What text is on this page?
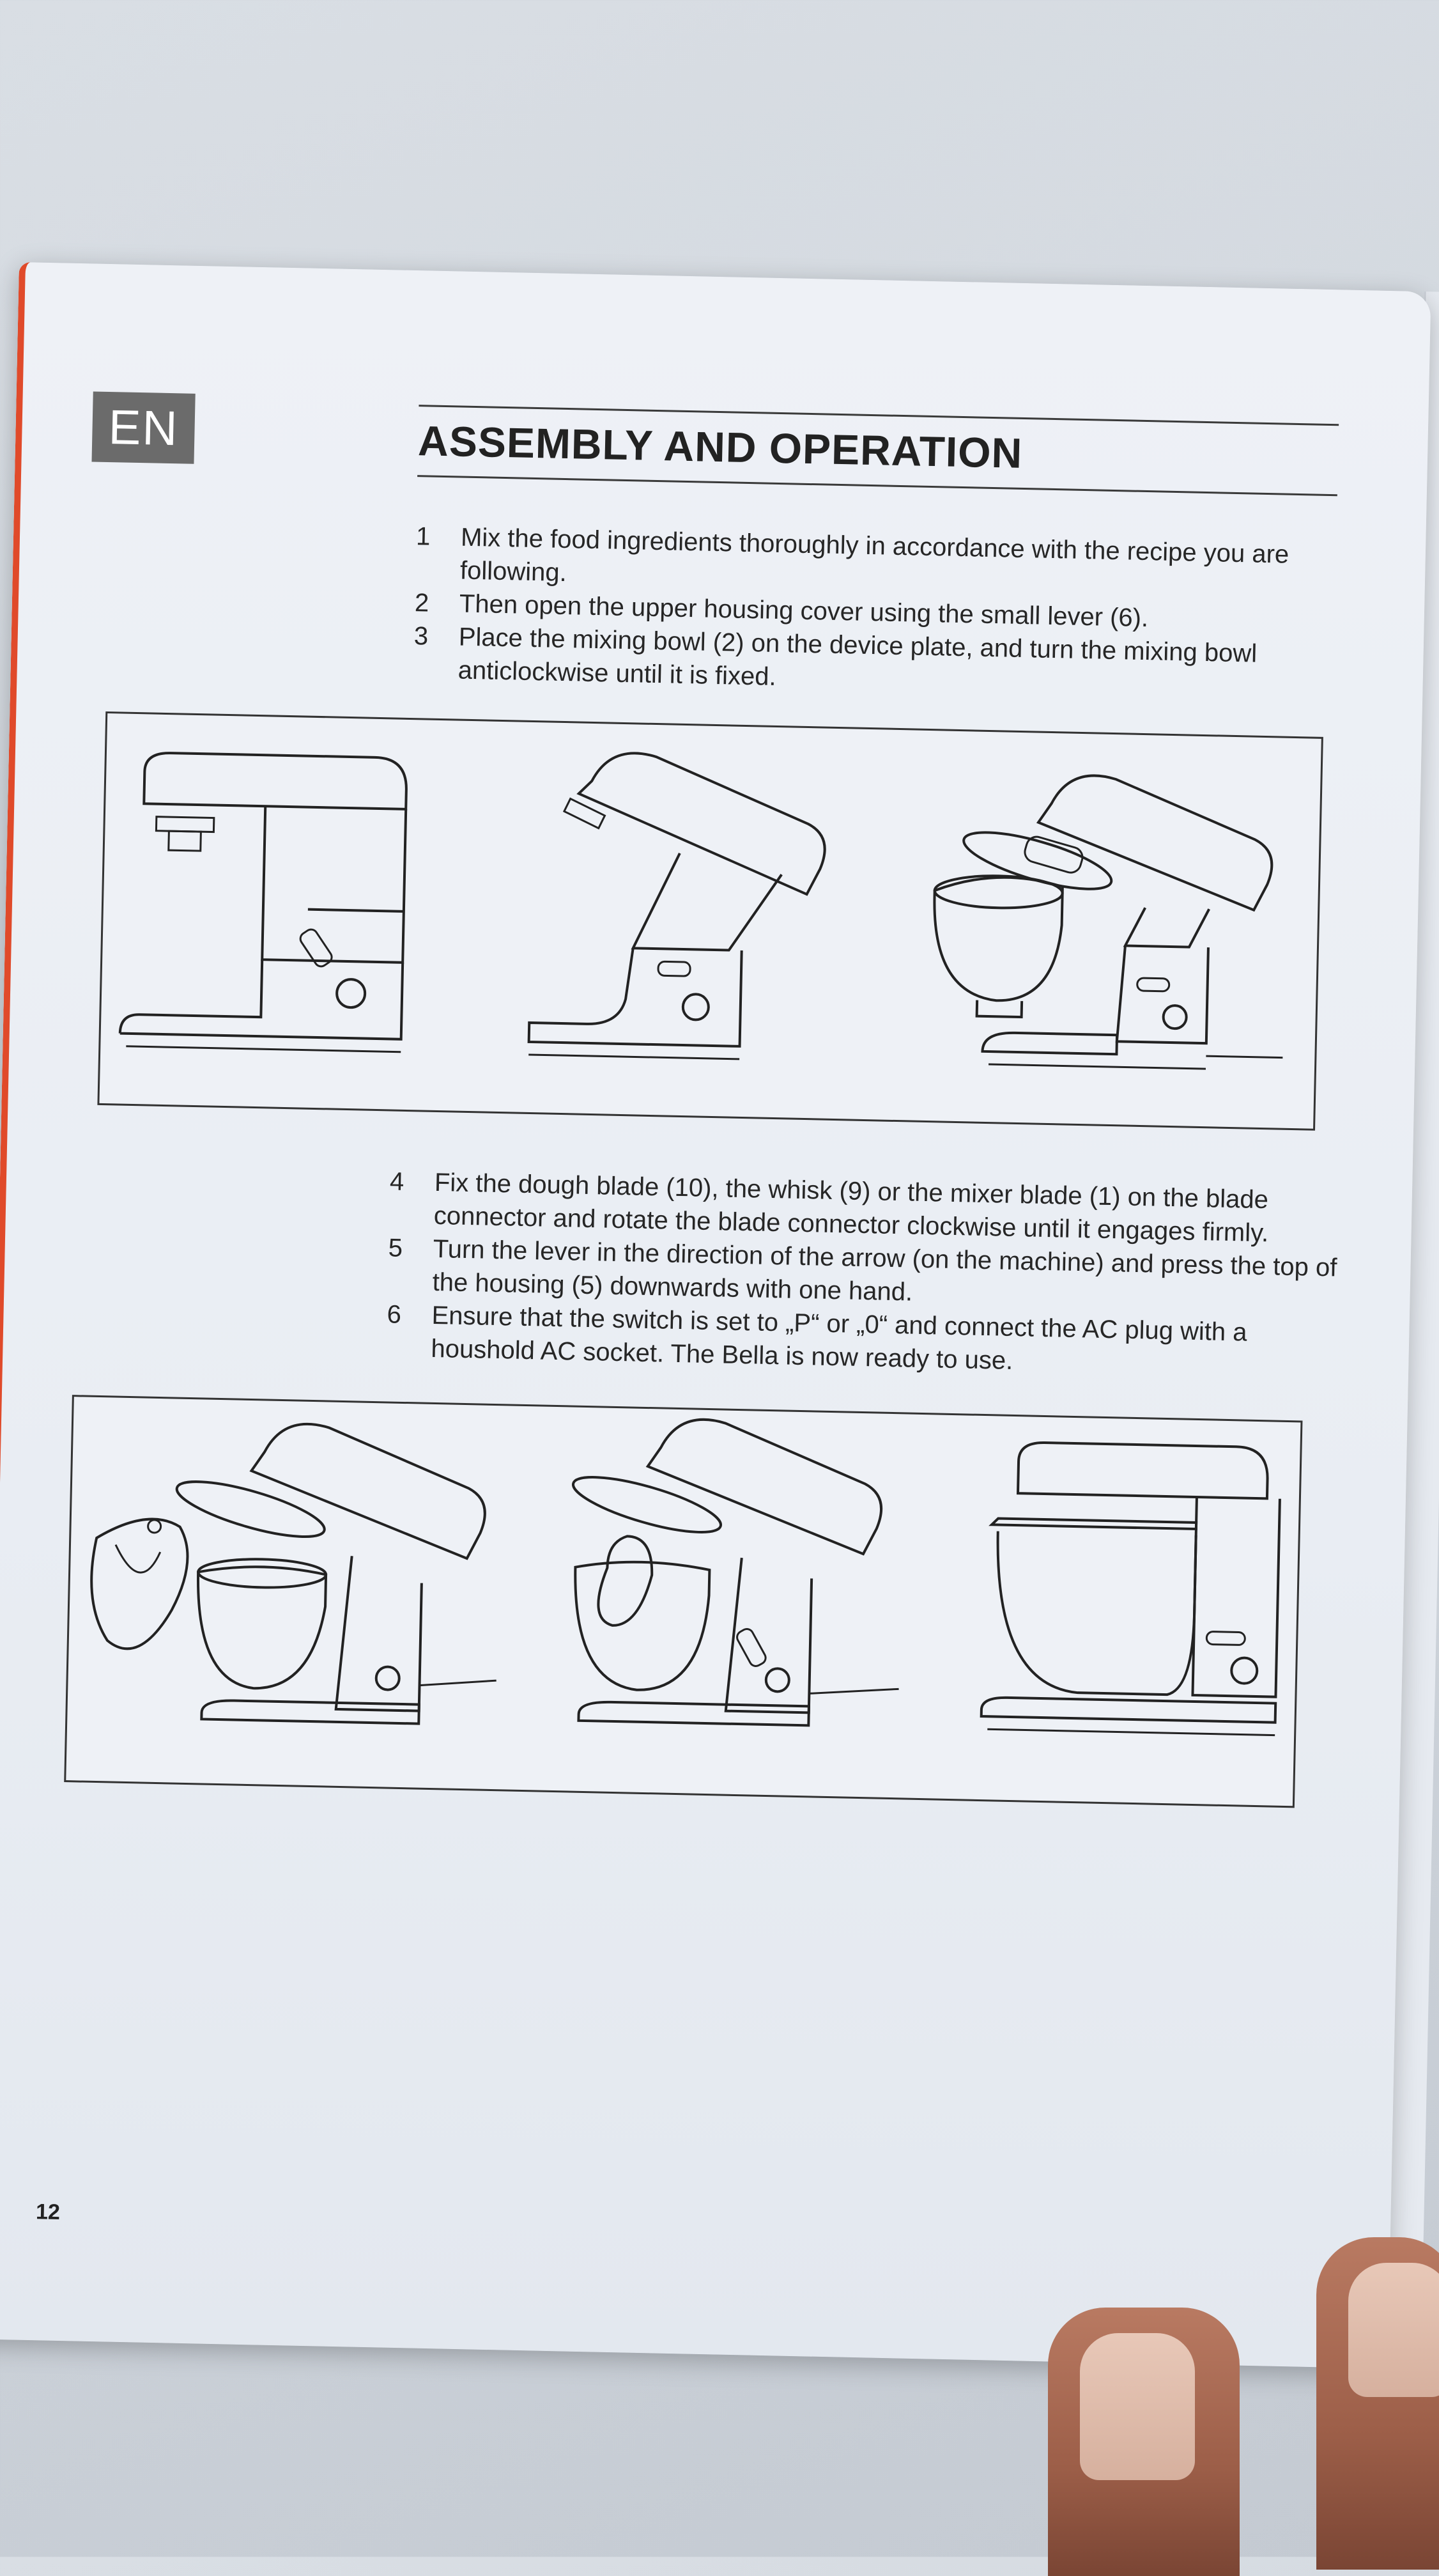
EN	ASSEMBLY AND OPERATION
1	Mix the food ingredients thoroughly in accordance with the recipe you are following.
2	Then open the upper housing cover using the small lever (6).
3	Place the mixing bowl (2) on the device plate, and turn the mixing bowl anticlockwise until it is fixed.
4	Fix the dough blade (10), the whisk (9) or the mixer blade (1) on the blade connector and rotate the blade connector clockwise until it engages firmly.
5	Turn the lever in the direction of the arrow (on the machine) and press the top of the housing (5) downwards with one hand.
6	Ensure that the switch is set to „P“ or „0“ and connect the AC plug with a houshold AC socket. The Bella is now ready to use.
12
